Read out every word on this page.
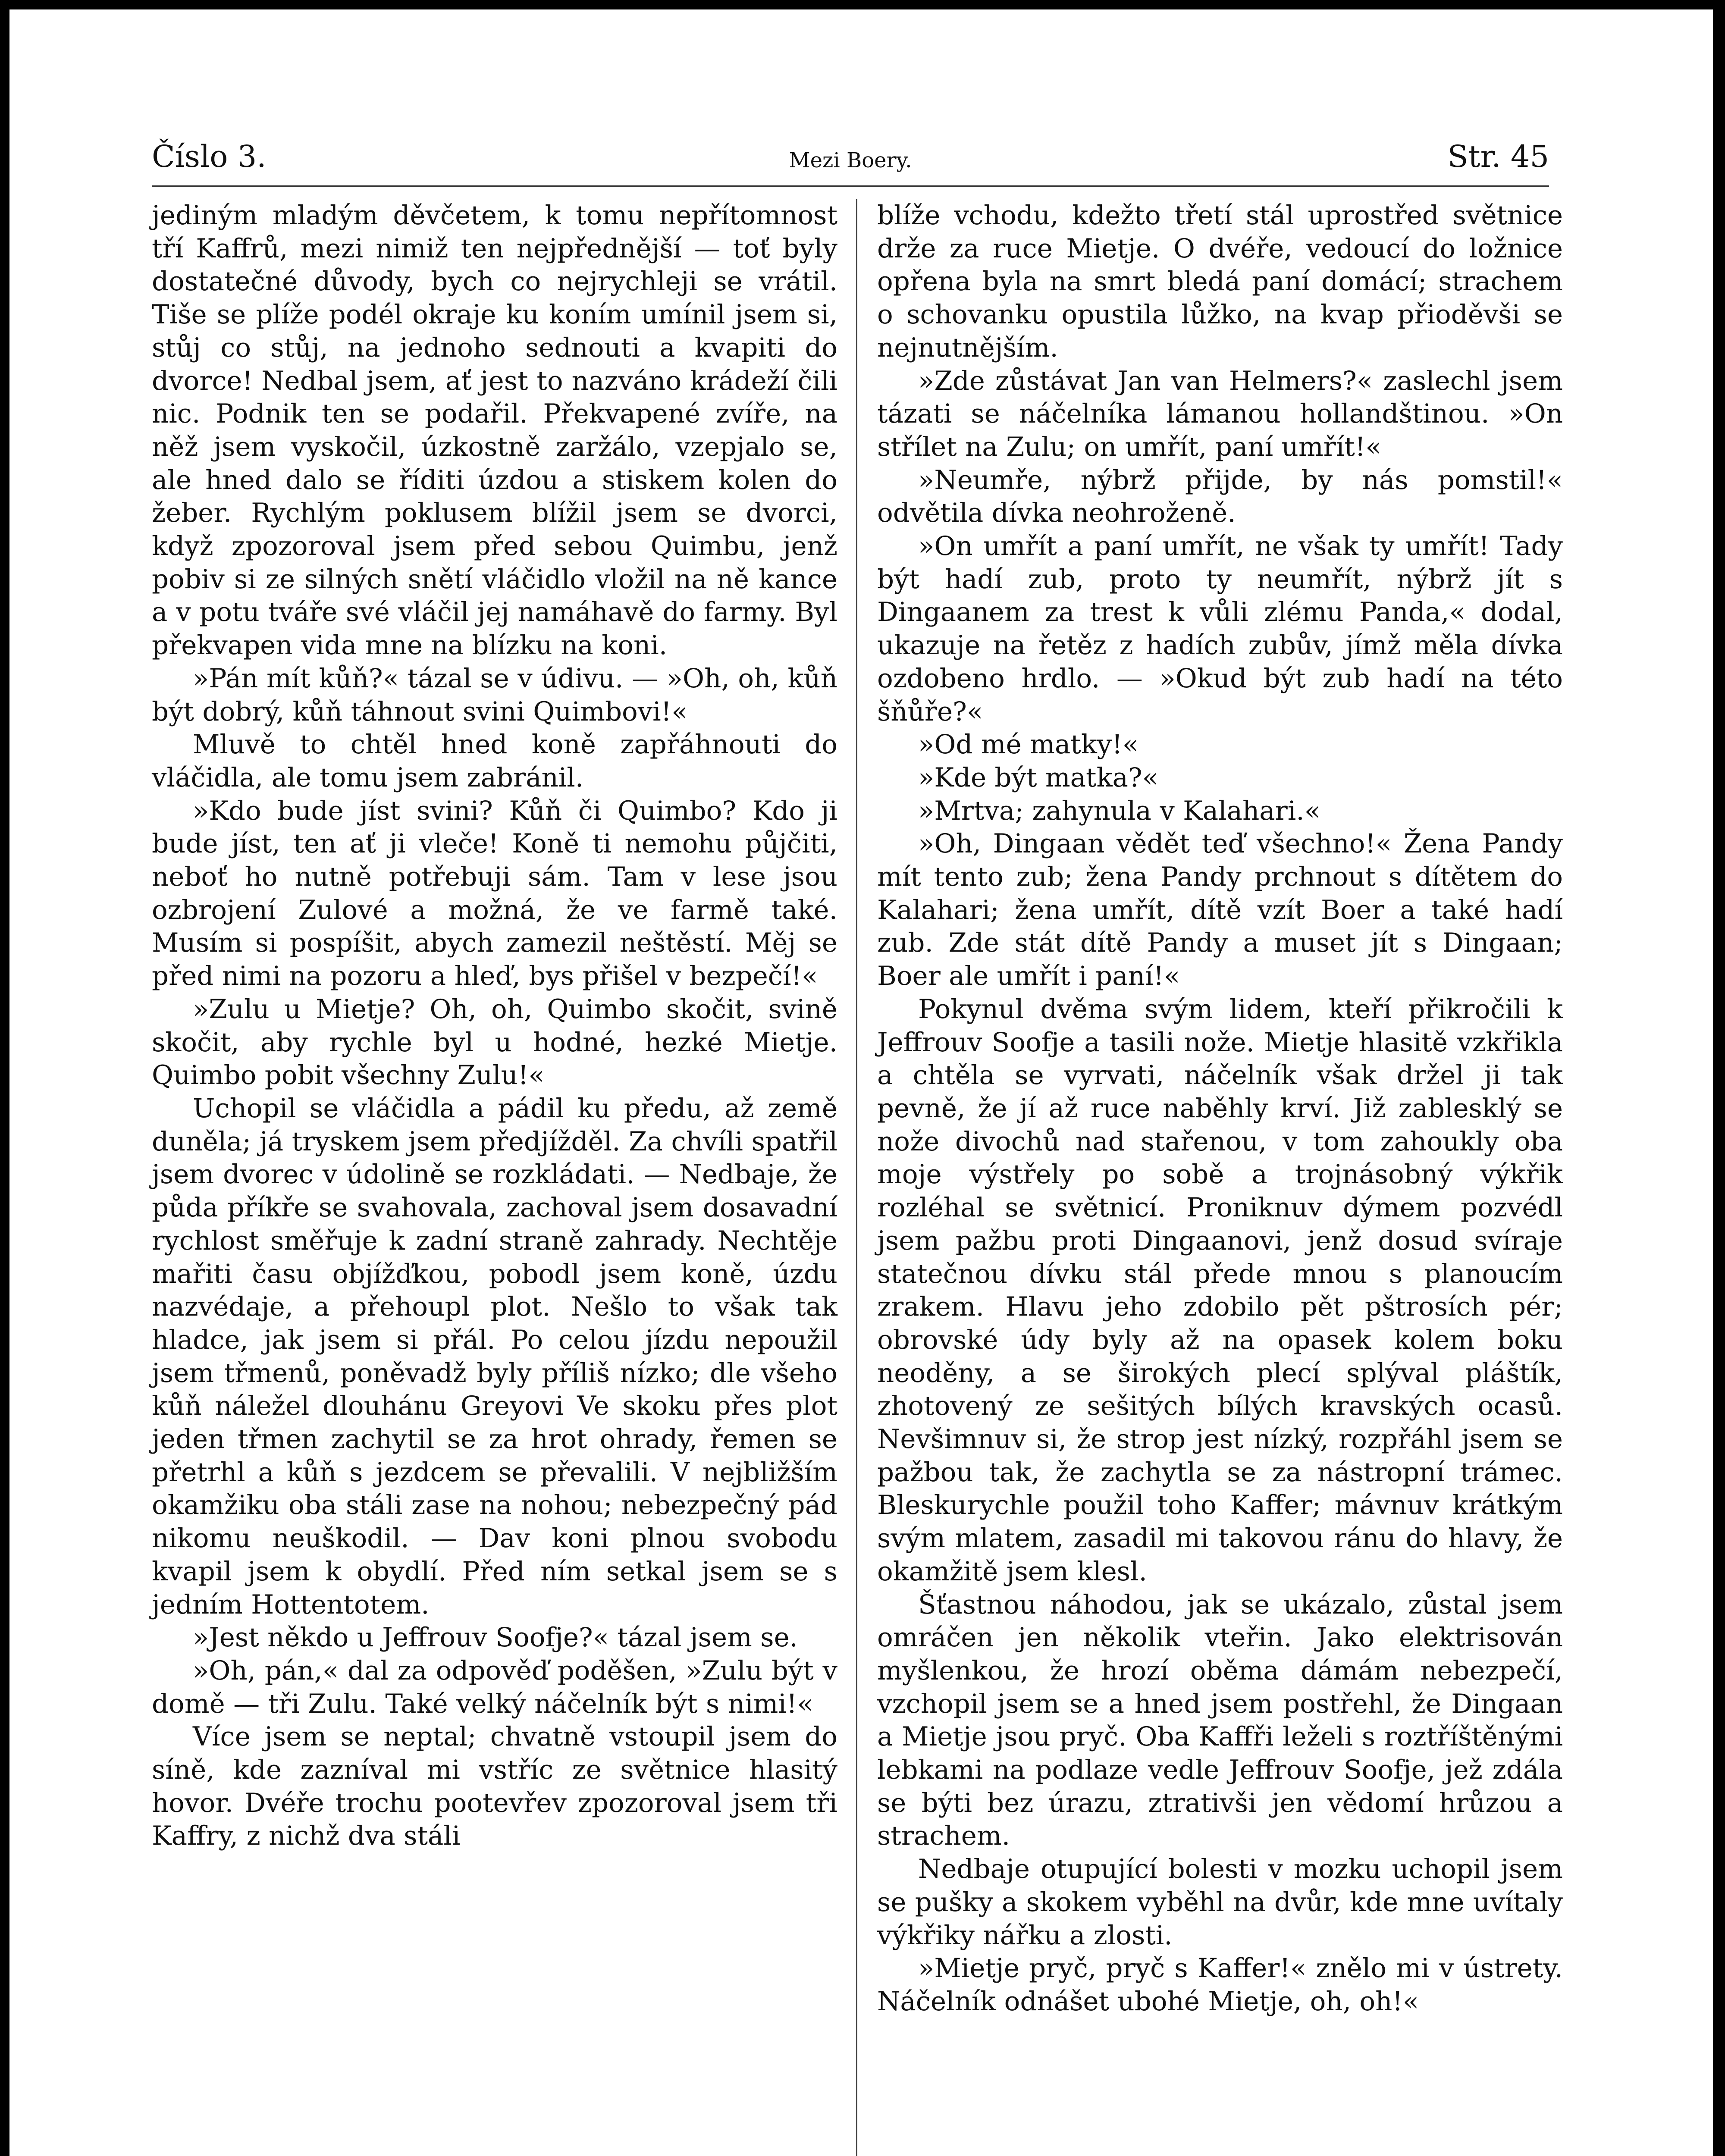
Číslo 3.	Mezi Boery.	Str. 45

jediným mladým děvčetem, k tomu nepřítomnost tří Kaffrů, mezi nimiž ten nejpřednější — toť byly dostatečné důvody, bych co nejrychleji se vrátil. Tiše se plíže podél okraje ku koním umínil jsem si, stůj co stůj, na jednoho sednouti a kvapiti do dvorce! Nedbal jsem, ať jest to nazváno krádeží čili nic. Podnik ten se podařil. Překvapené zvíře, na něž jsem vyskočil, úzkostně zaržálo, vzepjalo se, ale hned dalo se říditi úzdou a stiskem kolen do žeber. Rychlým poklusem blížil jsem se dvorci, když zpozoroval jsem před sebou Quimbu, jenž pobiv si ze silných snětí vláčidlo vložil na ně kance a v potu tváře své vláčil jej namáhavě do farmy. Byl překvapen vida mne na blízku na koni.

»Pán mít kůň?« tázal se v údivu. — »Oh, oh, kůň být dobrý, kůň táhnout svini Quimbovi!«

Mluvě to chtěl hned koně zapřáhnouti do vláčidla, ale tomu jsem zabránil.

»Kdo bude jíst svini? Kůň či Quimbo? Kdo ji bude jíst, ten ať ji vleče! Koně ti nemohu půjčiti, neboť ho nutně potřebuji sám. Tam v lese jsou ozbrojení Zulové a možná, že ve farmě také. Musím si pospíšit, abych zamezil neštěstí. Měj se před nimi na pozoru a hleď, bys přišel v bezpečí!«

»Zulu u Mietje? Oh, oh, Quimbo skočit, svině skočit, aby rychle byl u hodné, hezké Mietje. Quimbo pobit všechny Zulu!«

Uchopil se vláčidla a pádil ku předu, až země duněla; já tryskem jsem předjížděl. Za chvíli spatřil jsem dvorec v údolině se rozkládati. — Nedbaje, že půda příkře se svahovala, zachoval jsem dosavadní rychlost směřuje k zadní straně zahrady. Nechtěje mařiti času objížďkou, pobodl jsem koně, úzdu nazvédaje, a přehoupl plot. Nešlo to však tak hladce, jak jsem si přál. Po celou jízdu nepoužil jsem třmenů, poněvadž byly příliš nízko; dle všeho kůň náležel dlouhánu Greyovi Ve skoku přes plot jeden třmen zachytil se za hrot ohrady, řemen se přetrhl a kůň s jezdcem se převalili. V nejbližším okamžiku oba stáli zase na nohou; nebezpečný pád nikomu neuškodil. — Dav koni plnou svobodu kvapil jsem k obydlí. Před ním setkal jsem se s jedním Hottentotem.

»Jest někdo u Jeffrouv Soofje?« tázal jsem se.

»Oh, pán,« dal za odpověď poděšen, »Zulu být v domě — tři Zulu. Také velký náčelník být s nimi!«

Více jsem se neptal; chvatně vstoupil jsem do síně, kde zazníval mi vstříc ze světnice hlasitý hovor. Dvéře trochu pootevřev zpozoroval jsem tři Kaffry, z nichž dva stáli

blíže vchodu, kdežto třetí stál uprostřed světnice drže za ruce Mietje. O dvéře, vedoucí do ložnice opřena byla na smrt bledá paní domácí; strachem o schovanku opustila lůžko, na kvap přioděvši se nejnutnějším.

»Zde zůstávat Jan van Helmers?« zaslechl jsem tázati se náčelníka lámanou hollandštinou. »On střílet na Zulu; on umřít, paní umřít!«

»Neumře, nýbrž přijde, by nás pomstil!« odvětila dívka neohroženě.

»On umřít a paní umřít, ne však ty umřít! Tady být hadí zub, proto ty neumřít, nýbrž jít s Dingaanem za trest k vůli zlému Panda,« dodal, ukazuje na řetěz z hadích zubův, jímž měla dívka ozdobeno hrdlo. — »Okud být zub hadí na této šňůře?«

»Od mé matky!«

»Kde být matka?«

»Mrtva; zahynula v Kalahari.«

»Oh, Dingaan vědět teď všechno!« Žena Pandy mít tento zub; žena Pandy prchnout s dítětem do Kalahari; žena umřít, dítě vzít Boer a také hadí zub. Zde stát dítě Pandy a muset jít s Dingaan; Boer ale umřít i paní!«

Pokynul dvěma svým lidem, kteří přikročili k Jeffrouv Soofje a tasili nože. Mietje hlasitě vzkřikla a chtěla se vyrvati, náčelník však držel ji tak pevně, že jí až ruce naběhly krví. Již zablesklý se nože divochů nad stařenou, v tom zahoukly oba moje výstřely po sobě a trojnásobný výkřik rozléhal se světnicí. Proniknuv dýmem pozvédl jsem pažbu proti Dingaanovi, jenž dosud svíraje statečnou dívku stál přede mnou s planoucím zrakem. Hlavu jeho zdobilo pět pštrosích pér; obrovské údy byly až na opasek kolem boku neoděny, a se širokých plecí splýval pláštík, zhotovený ze sešitých bílých kravských ocasů. Nevšimnuv si, že strop jest nízký, rozpřáhl jsem se pažbou tak, že zachytla se za nástropní trámec. Bleskurychle použil toho Kaffer; mávnuv krátkým svým mlatem, zasadil mi takovou ránu do hlavy, že okamžitě jsem klesl.

Šťastnou náhodou, jak se ukázalo, zůstal jsem omráčen jen několik vteřin. Jako elektrisován myšlenkou, že hrozí oběma dámám nebezpečí, vzchopil jsem se a hned jsem postřehl, že Dingaan a Mietje jsou pryč. Oba Kaffři leželi s roztříštěnými lebkami na podlaze vedle Jeffrouv Soofje, jež zdála se býti bez úrazu, ztrativši jen vědomí hrůzou a strachem.

Nedbaje otupující bolesti v mozku uchopil jsem se pušky a skokem vyběhl na dvůr, kde mne uvítaly výkřiky nářku a zlosti.

»Mietje pryč, pryč s Kaffer!« znělo mi v ústrety. Náčelník odnášet ubohé Mietje, oh, oh!«
